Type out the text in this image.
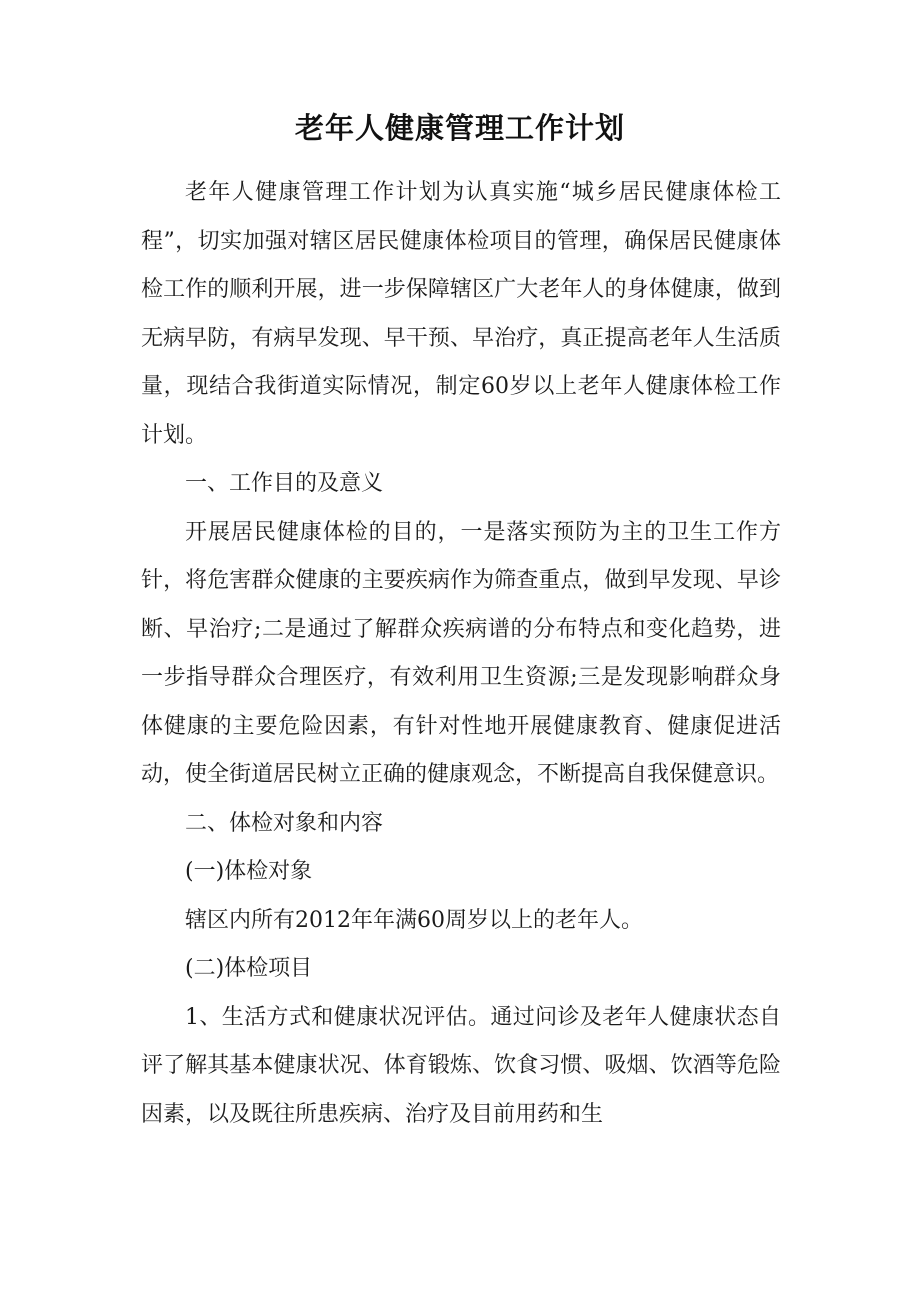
老年人健康管理工作计划

老年人健康管理工作计划为认真实施“城乡居民健康体检工程”，切实加强对辖区居民健康体检项目的管理，确保居民健康体检工作的顺利开展，进一步保障辖区广大老年人的身体健康，做到无病早防，有病早发现、早干预、早治疗，真正提高老年人生活质量，现结合我街道实际情况，制定60岁以上老年人健康体检工作计划。

一、工作目的及意义

开展居民健康体检的目的，一是落实预防为主的卫生工作方针，将危害群众健康的主要疾病作为筛查重点，做到早发现、早诊断、早治疗;二是通过了解群众疾病谱的分布特点和变化趋势，进一步指导群众合理医疗，有效利用卫生资源;三是发现影响群众身体健康的主要危险因素，有针对性地开展健康教育、健康促进活动，使全街道居民树立正确的健康观念，不断提高自我保健意识。

二、体检对象和内容

(一)体检对象

辖区内所有2012年年满60周岁以上的老年人。

(二)体检项目

1、生活方式和健康状况评估。通过问诊及老年人健康状态自评了解其基本健康状况、体育锻炼、饮食习惯、吸烟、饮酒等危险因素，以及既往所患疾病、治疗及目前用药和生
